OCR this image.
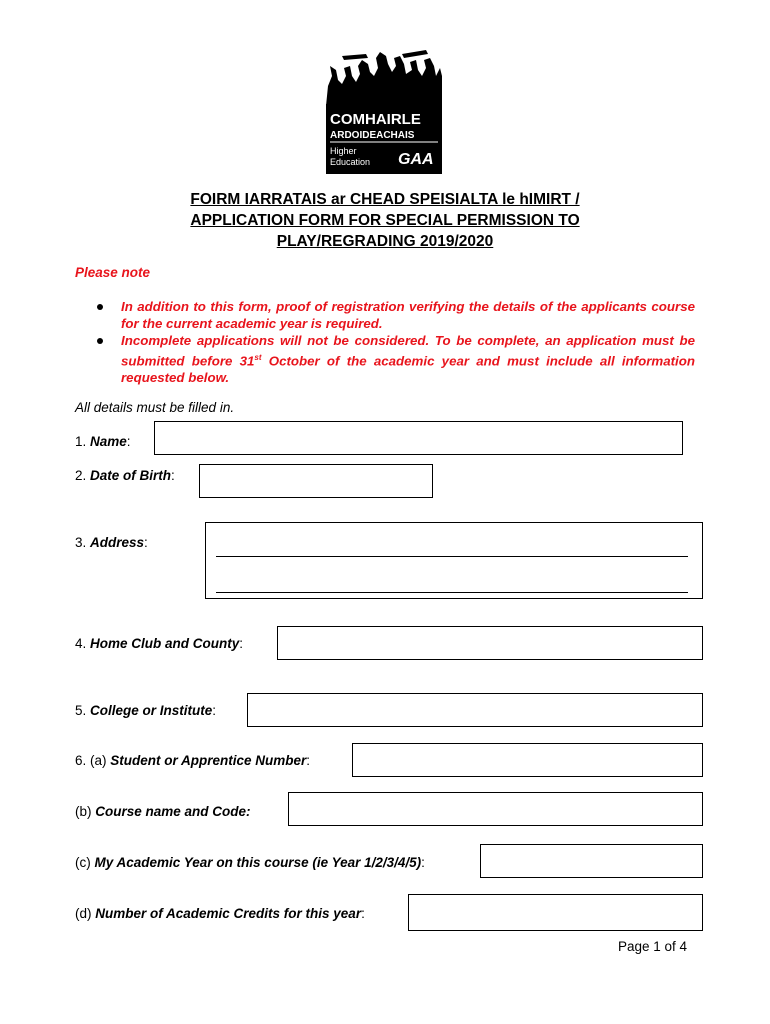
COMHAIRLE
ARDOIDEACHAIS
Higher
Education GAA
FOIRM IARRATAIS ar CHEAD SPEISIALTA le hIMIRT /
APPLICATION FORM FOR SPECIAL PERMISSION TO
PLAY/REGRADING 2019/2020
Please note
In addition to this form, proof of registration verifying the details of the applicants course for the current academic year is required.
Incomplete applications will not be considered. To be complete, an application must be submitted before 31st October of the academic year and must include all information requested below.
All details must be filled in.
1. Name:
2. Date of Birth:
3. Address:
4. Home Club and County:
5. College or Institute:
6. (a) Student or Apprentice Number:
(b) Course name and Code:
(c) My Academic Year on this course (ie Year 1/2/3/4/5):
(d) Number of Academic Credits for this year:
Page 1 of 4
